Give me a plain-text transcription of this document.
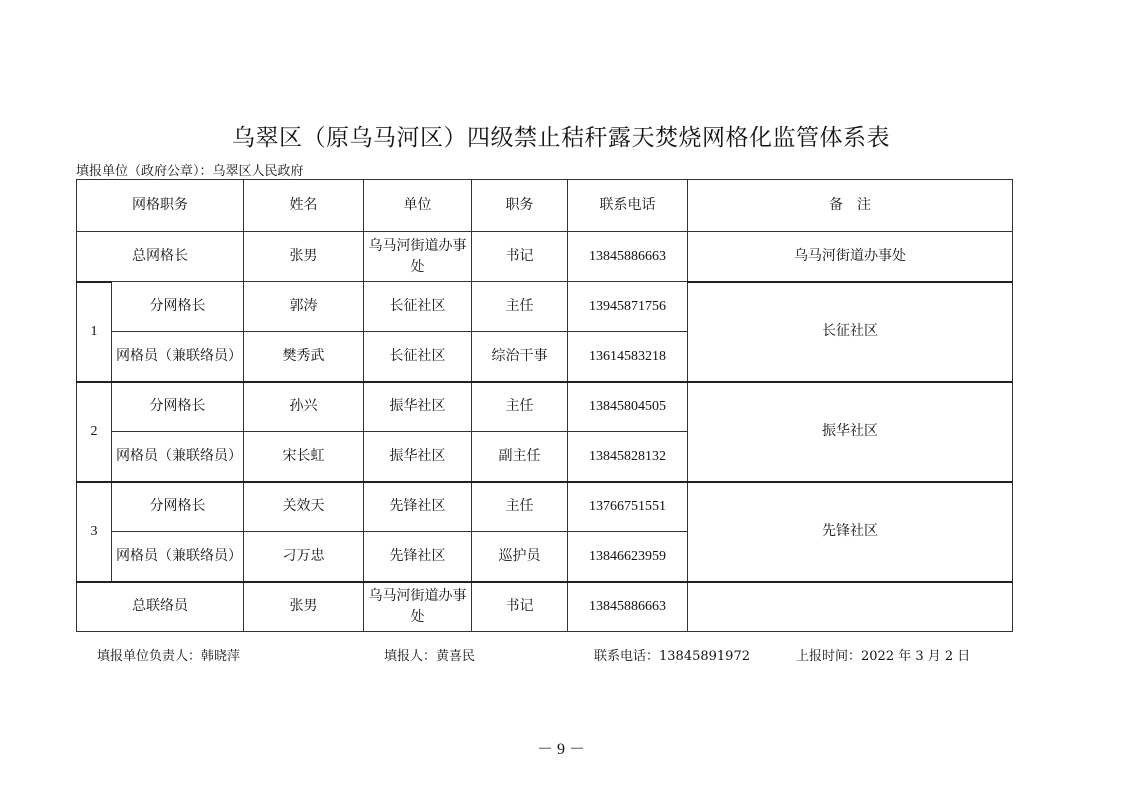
乌翠区（原乌马河区）四级禁止秸秆露天焚烧网格化监管体系表
填报单位（政府公章）：乌翠区人民政府
网格职务		姓名	单位	职务	联系电话	备　注
总网格长		张男	乌马河街道办事处	书记	13845886663	乌马河街道办事处
1	分网格长	郭涛	长征社区	主任	13945871756	长征社区
	网格员（兼联络员）	樊秀武	长征社区	综治干事	13614583218	
2	分网格长	孙兴	振华社区	主任	13845804505	振华社区
	网格员（兼联络员）	宋长虹	振华社区	副主任	13845828132	
3	分网格长	关效天	先锋社区	主任	13766751551	先锋社区
	网格员（兼联络员）	刁万忠	先锋社区	巡护员	13846623959	
总联络员		张男	乌马河街道办事处	书记	13845886663	
填报单位负责人：韩晓萍	填报人：黄喜民	联系电话：13845891972	上报时间：2022 年 3 月 2 日
－ 9 －
